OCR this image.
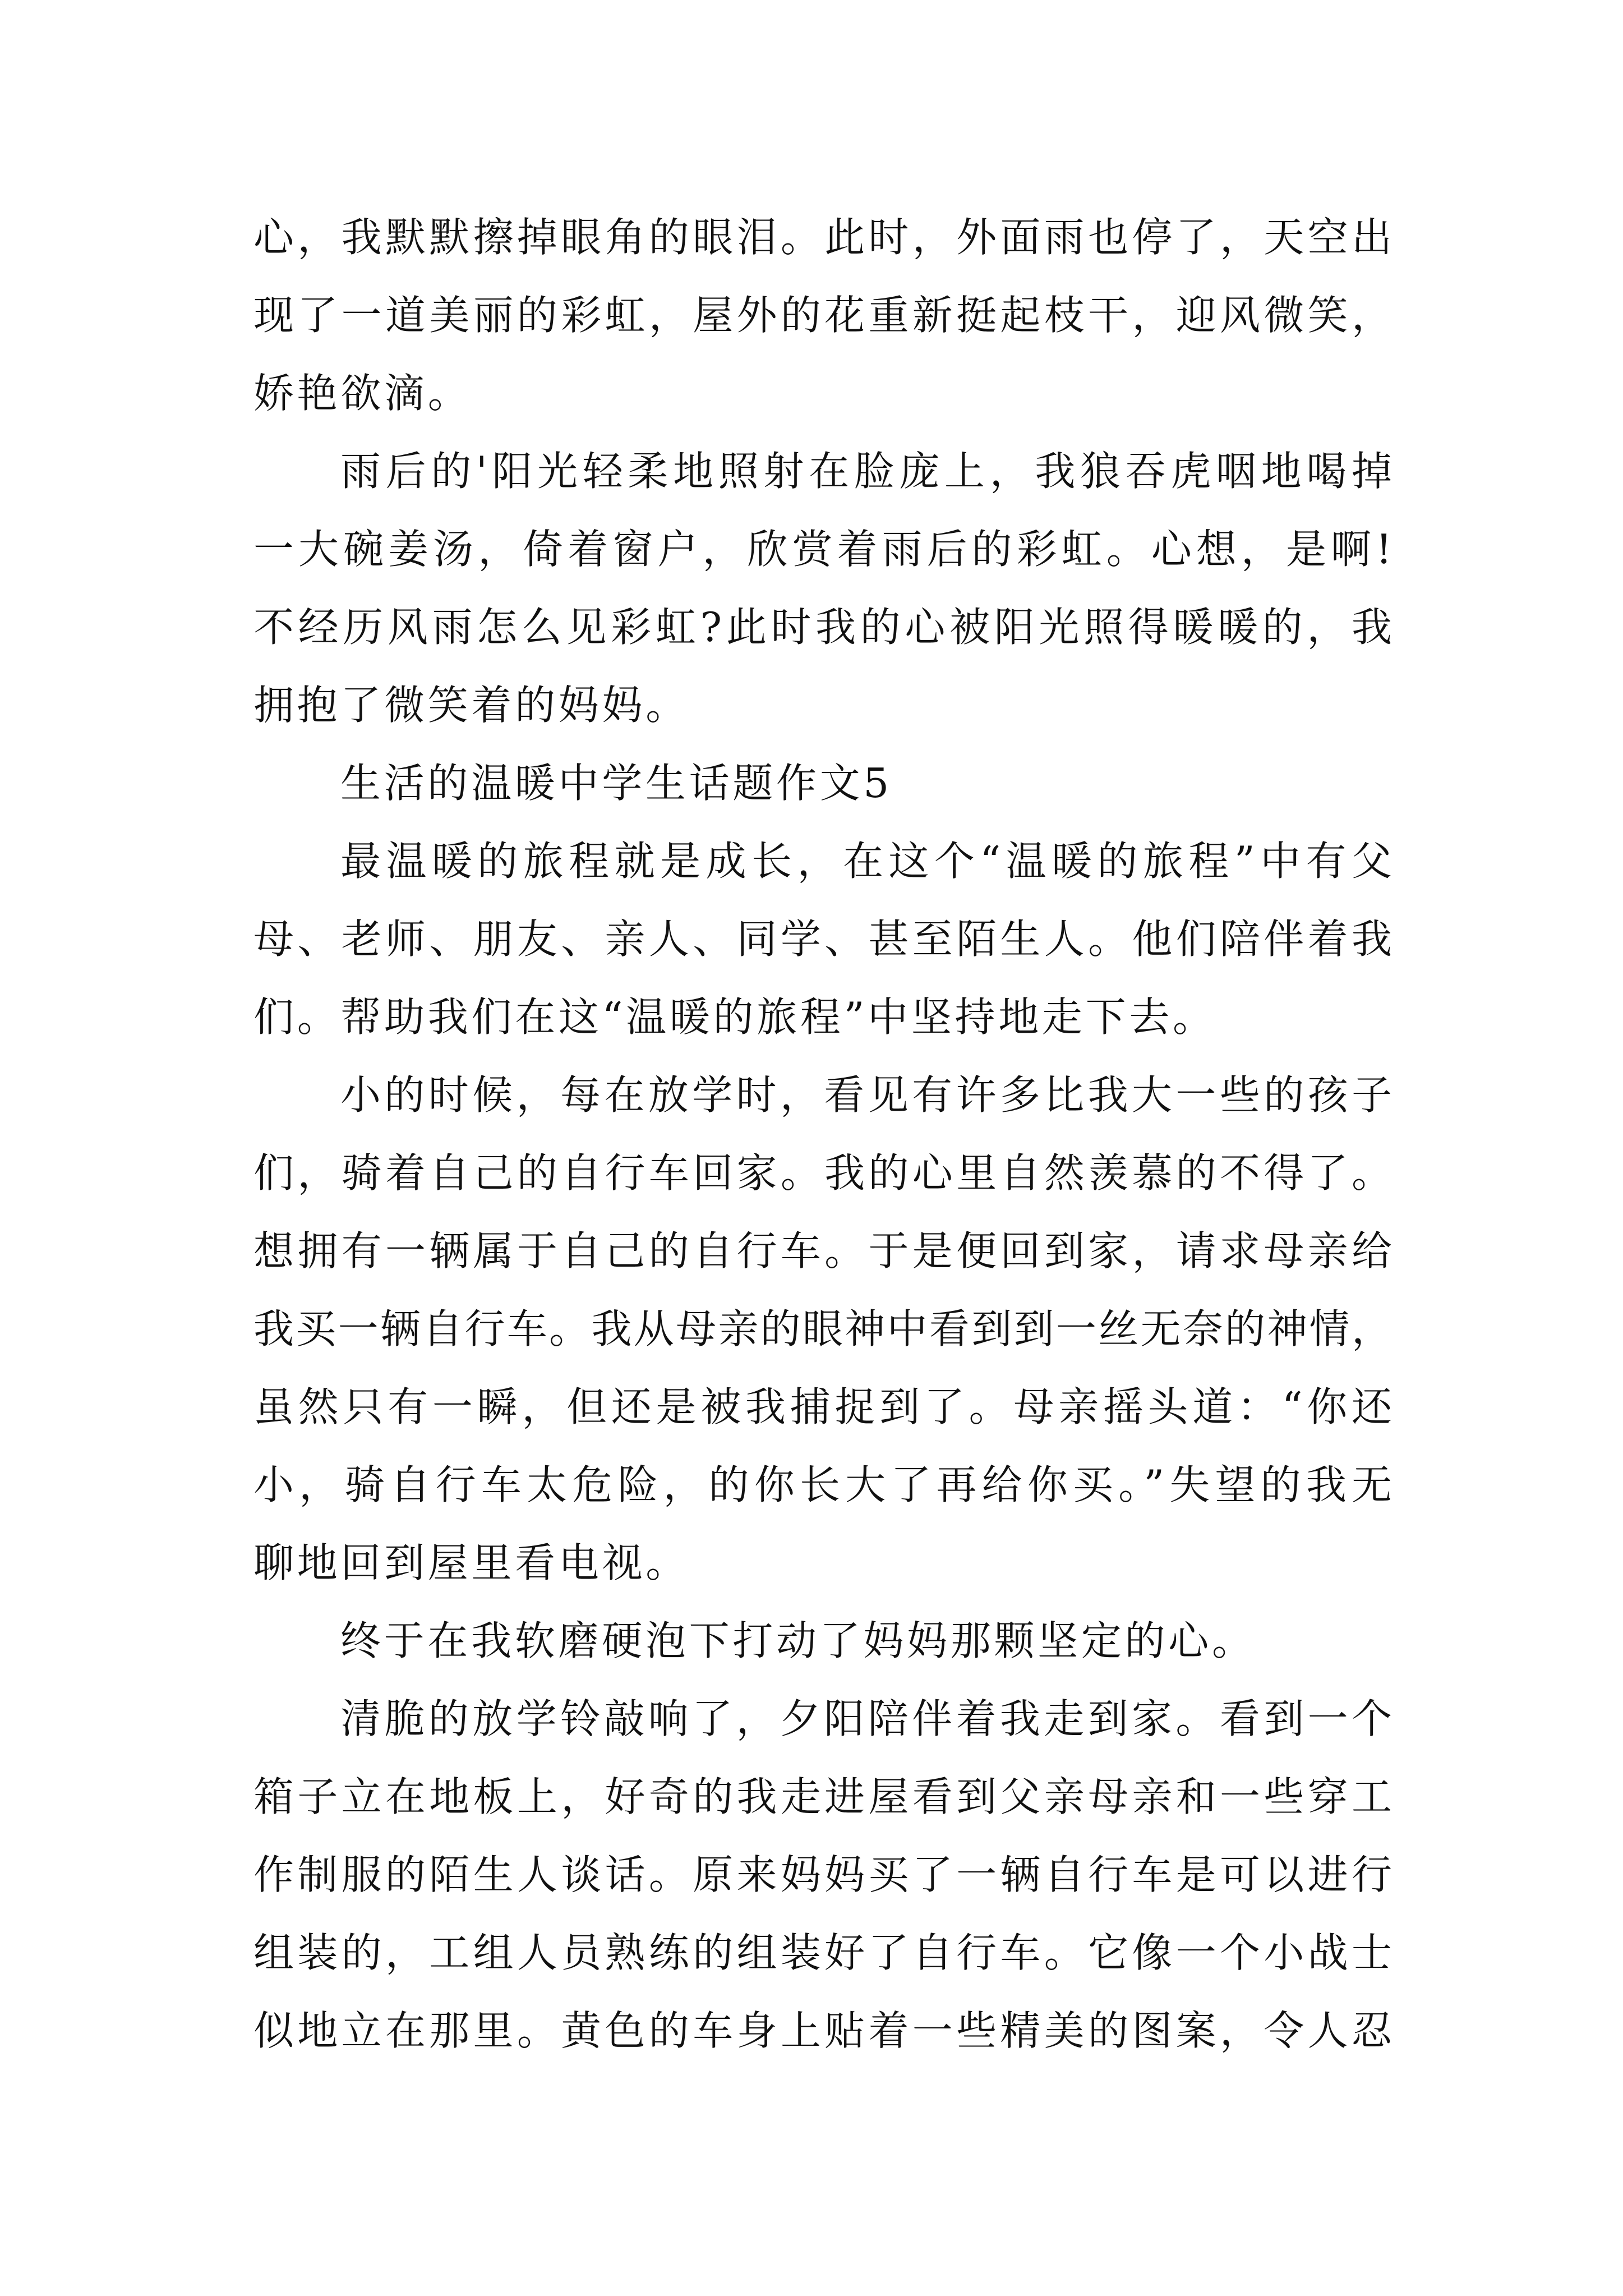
心，我默默擦掉眼角的眼泪。此时，外面雨也停了，天空出
现了一道美丽的彩虹，屋外的花重新挺起枝干，迎风微笑，
娇艳欲滴。
雨后的'阳光轻柔地照射在脸庞上，我狼吞虎咽地喝掉
一大碗姜汤，倚着窗户，欣赏着雨后的彩虹。心想，是啊!
不经历风雨怎么见彩虹?此时我的心被阳光照得暖暖的，我
拥抱了微笑着的妈妈。
生活的温暖中学生话题作文5
最温暖的旅程就是成长，在这个“温暖的旅程”中有父
母、老师、朋友、亲人、同学、甚至陌生人。他们陪伴着我
们。帮助我们在这“温暖的旅程”中坚持地走下去。
小的时候，每在放学时，看见有许多比我大一些的孩子
们，骑着自己的自行车回家。我的心里自然羡慕的不得了。
想拥有一辆属于自己的自行车。于是便回到家，请求母亲给
我买一辆自行车。我从母亲的眼神中看到到一丝无奈的神情，
虽然只有一瞬，但还是被我捕捉到了。母亲摇头道：“你还
小，骑自行车太危险，的你长大了再给你买。”失望的我无
聊地回到屋里看电视。
终于在我软磨硬泡下打动了妈妈那颗坚定的心。
清脆的放学铃敲响了，夕阳陪伴着我走到家。看到一个
箱子立在地板上，好奇的我走进屋看到父亲母亲和一些穿工
作制服的陌生人谈话。原来妈妈买了一辆自行车是可以进行
组装的，工组人员熟练的组装好了自行车。它像一个小战士
似地立在那里。黄色的车身上贴着一些精美的图案，令人忍
